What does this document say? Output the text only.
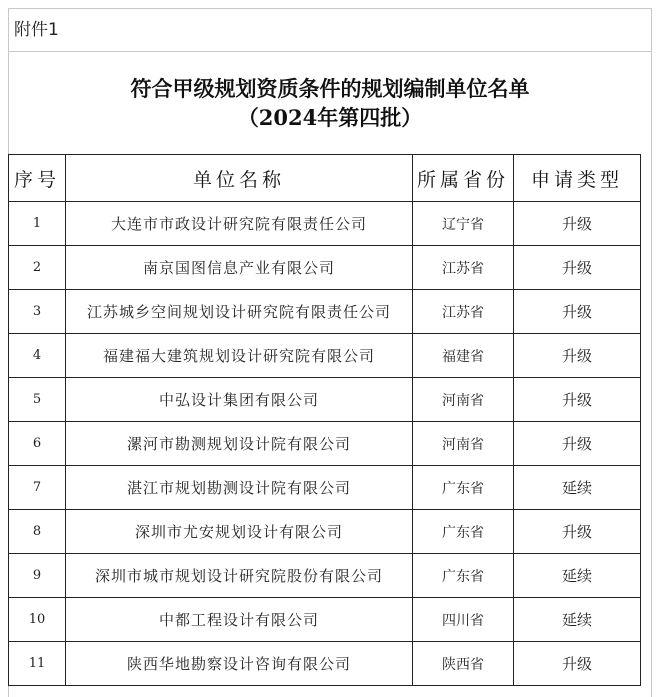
附件1
符合甲级规划资质条件的规划编制单位名单
（2024年第四批）
序号	单位名称	所属省份	申请类型
1	大连市市政设计研究院有限责任公司	辽宁省	升级
2	南京国图信息产业有限公司	江苏省	升级
3	江苏城乡空间规划设计研究院有限责任公司	江苏省	升级
4	福建福大建筑规划设计研究院有限公司	福建省	升级
5	中弘设计集团有限公司	河南省	升级
6	漯河市勘测规划设计院有限公司	河南省	升级
7	湛江市规划勘测设计院有限公司	广东省	延续
8	深圳市尤安规划设计有限公司	广东省	升级
9	深圳市城市规划设计研究院股份有限公司	广东省	延续
10	中都工程设计有限公司	四川省	延续
11	陕西华地勘察设计咨询有限公司	陕西省	升级
